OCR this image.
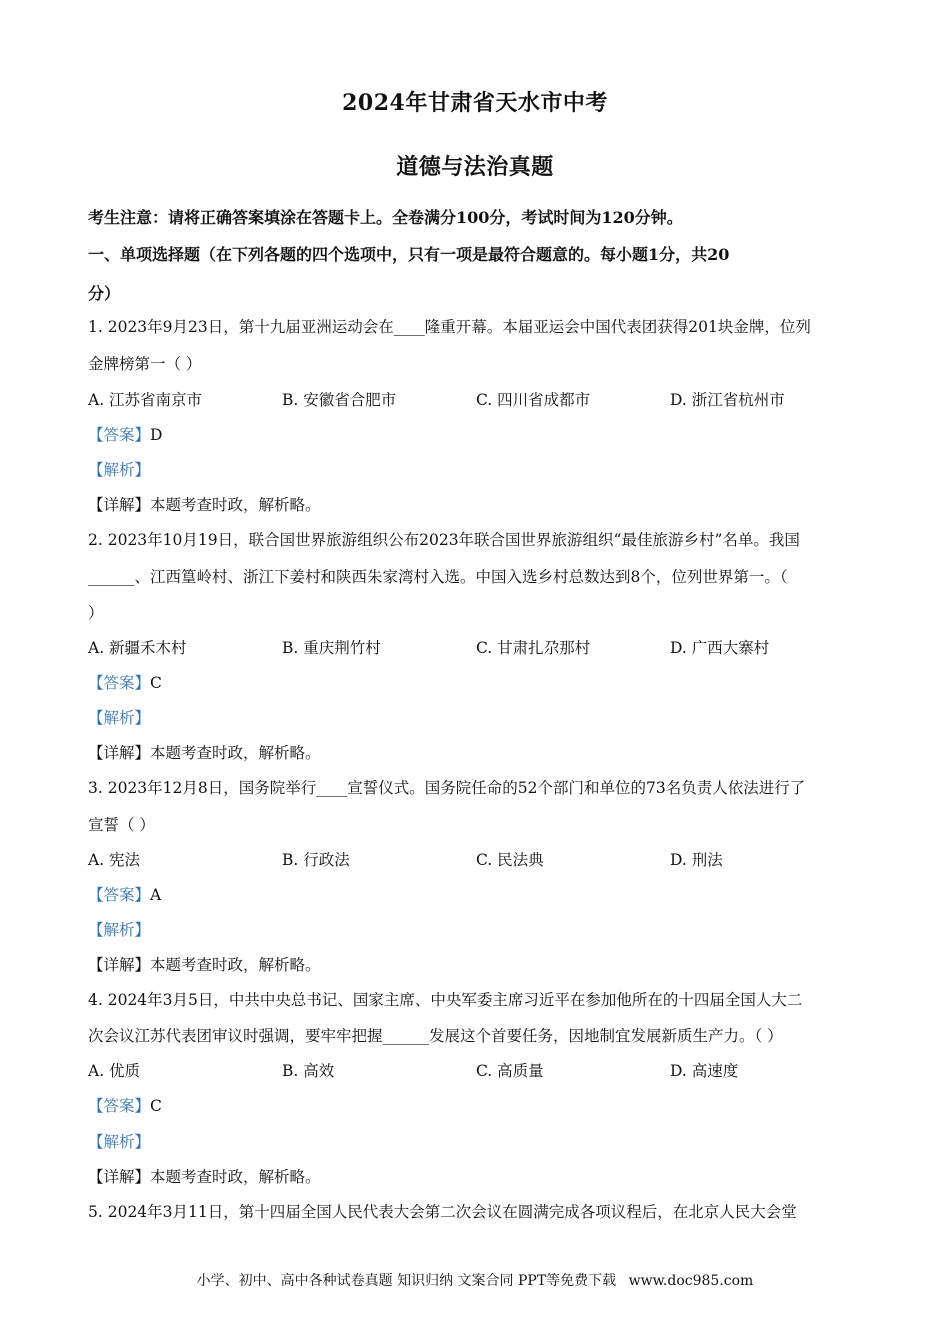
2024年甘肃省天水市中考
道德与法治真题
考生注意：请将正确答案填涂在答题卡上。全卷满分100分，考试时间为120分钟。
一、单项选择题（在下列各题的四个选项中，只有一项是最符合题意的。每小题1分，共20
分）
1. 2023年9月23日，第十九届亚洲运动会在____隆重开幕。本届亚运会中国代表团获得201块金牌，位列
金牌榜第一（ ）
A. 江苏省南京市	B. 安徽省合肥市	C. 四川省成都市	D. 浙江省杭州市
【答案】D
【解析】
【详解】本题考查时政，解析略。
2. 2023年10月19日，联合国世界旅游组织公布2023年联合国世界旅游组织“最佳旅游乡村”名单。我国
______、江西篁岭村、浙江下姜村和陕西朱家湾村入选。中国入选乡村总数达到8个，位列世界第一。（
）
A. 新疆禾木村	B. 重庆荆竹村	C. 甘肃扎尕那村	D. 广西大寨村
【答案】C
【解析】
【详解】本题考查时政，解析略。
3. 2023年12月8日，国务院举行____宣誓仪式。国务院任命的52个部门和单位的73名负责人依法进行了
宣誓（ ）
A. 宪法	B. 行政法	C. 民法典	D. 刑法
【答案】A
【解析】
【详解】本题考查时政，解析略。
4. 2024年3月5日，中共中央总书记、国家主席、中央军委主席习近平在参加他所在的十四届全国人大二
次会议江苏代表团审议时强调，要牢牢把握______发展这个首要任务，因地制宜发展新质生产力。（ ）
A. 优质	B. 高效	C. 高质量	D. 高速度
【答案】C
【解析】
【详解】本题考查时政，解析略。
5. 2024年3月11日，第十四届全国人民代表大会第二次会议在圆满完成各项议程后，在北京人民大会堂
小学、初中、高中各种试卷真题 知识归纳 文案合同 PPT等免费下载 www.doc985.com
